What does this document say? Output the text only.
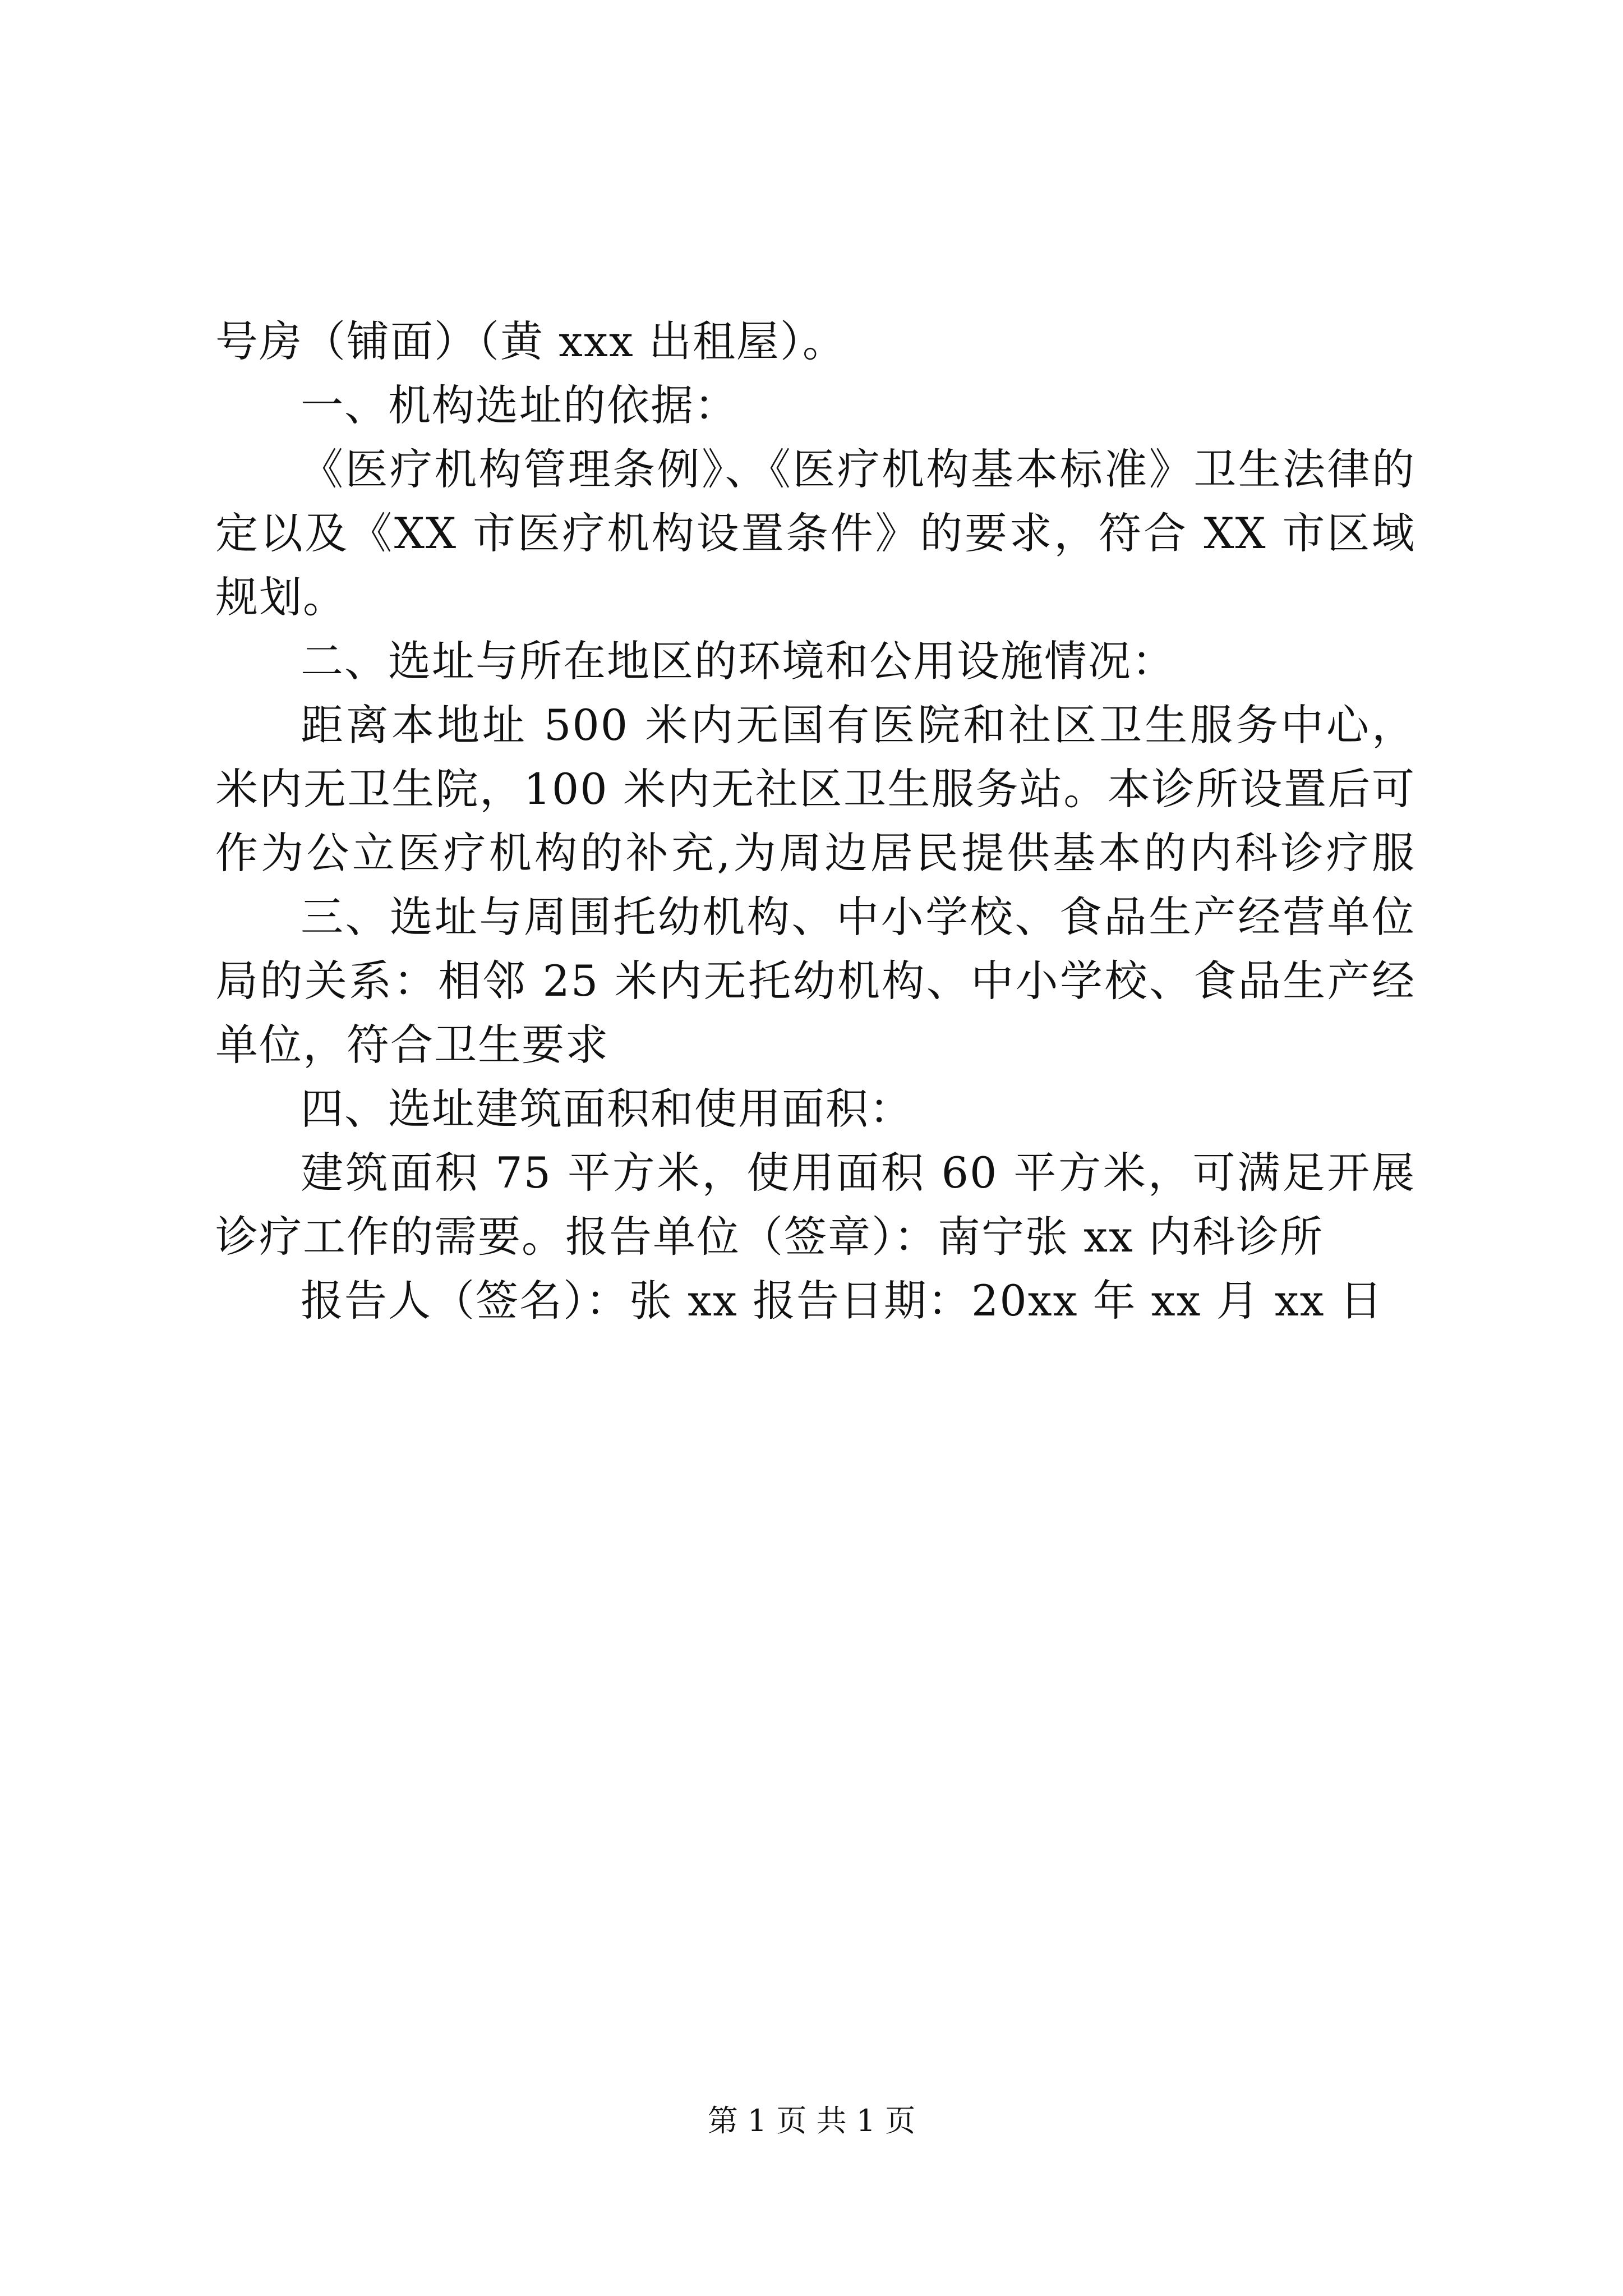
号房（铺面）（黄 xxx 出租屋）。
一、机构选址的依据：
《医疗机构管理条例》、《医疗机构基本标准》卫生法律的
定以及《XX 市医疗机构设置条件》的要求，符合 XX 市区域
规划。
二、选址与所在地区的环境和公用设施情况：
距离本地址 500 米内无国有医院和社区卫生服务中心，
米内无卫生院，100 米内无社区卫生服务站。本诊所设置后可
作为公立医疗机构的补充,为周边居民提供基本的内科诊疗服
三、选址与周围托幼机构、中小学校、食品生产经营单位
局的关系：相邻 25 米内无托幼机构、中小学校、食品生产经
单位，符合卫生要求
四、选址建筑面积和使用面积：
建筑面积 75 平方米，使用面积 60 平方米，可满足开展
诊疗工作的需要。报告单位（签章）：南宁张 xx 内科诊所
报告人（签名）：张 xx 报告日期：20xx 年 xx 月 xx 日
第 1 页 共 1 页
